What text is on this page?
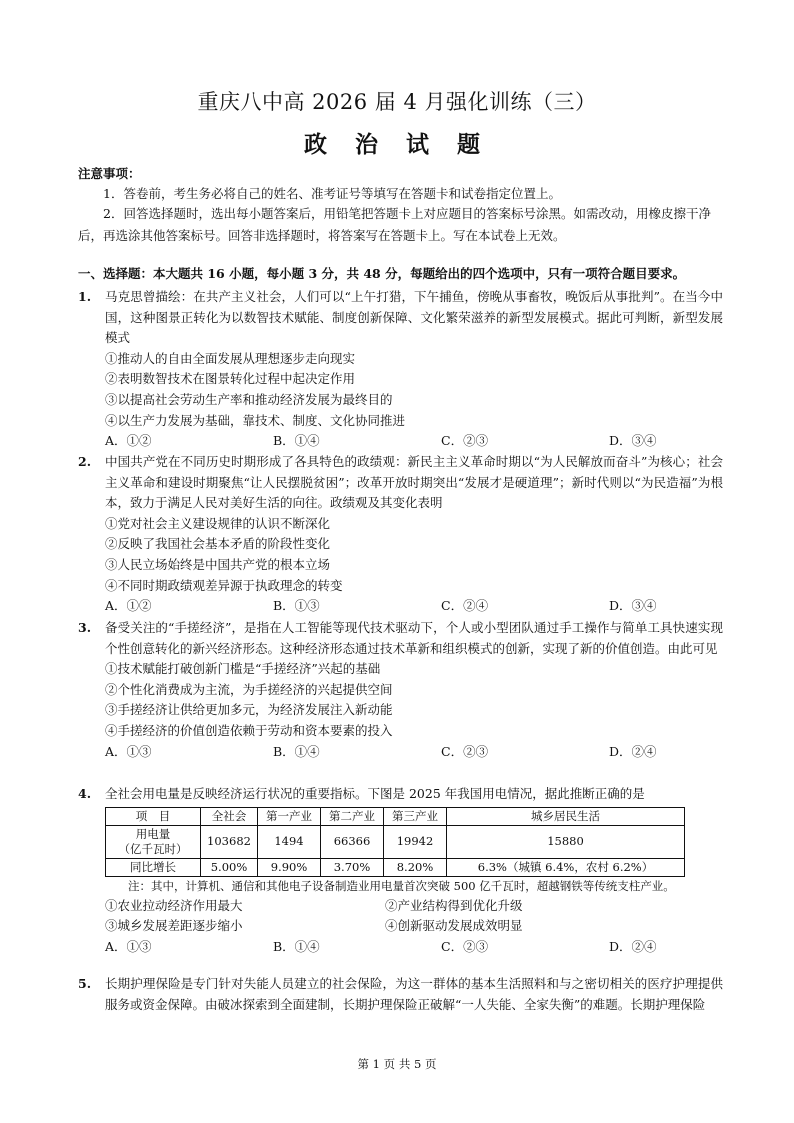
重庆八中高 2026 届 4 月强化训练（三）
政 治 试 题
注意事项：
1．答卷前，考生务必将自己的姓名、准考证号等填写在答题卡和试卷指定位置上。
2．回答选择题时，选出每小题答案后，用铅笔把答题卡上对应题目的答案标号涂黑。如需改动，用橡皮擦干净后，再选涂其他答案标号。回答非选择题时，将答案写在答题卡上。写在本试卷上无效。
一、选择题：本大题共 16 小题，每小题 3 分，共 48 分，每题给出的四个选项中，只有一项符合题目要求。
1. 马克思曾描绘：在共产主义社会，人们可以“上午打猎，下午捕鱼，傍晚从事畜牧，晚饭后从事批判”。在当今中国，这种图景正转化为以数智技术赋能、制度创新保障、文化繁荣滋养的新型发展模式。据此可判断，新型发展模式
①推动人的自由全面发展从理想逐步走向现实
②表明数智技术在图景转化过程中起决定作用
③以提高社会劳动生产率和推动经济发展为最终目的
④以生产力发展为基础，靠技术、制度、文化协同推进
A．①②	B．①④	C．②③	D．③④
2. 中国共产党在不同历史时期形成了各具特色的政绩观：新民主主义革命时期以“为人民解放而奋斗”为核心；社会主义革命和建设时期聚焦“让人民摆脱贫困”；改革开放时期突出“发展才是硬道理”；新时代则以“为民造福”为根本，致力于满足人民对美好生活的向往。政绩观及其变化表明
①党对社会主义建设规律的认识不断深化
②反映了我国社会基本矛盾的阶段性变化
③人民立场始终是中国共产党的根本立场
④不同时期政绩观差异源于执政理念的转变
A．①②	B．①③	C．②④	D．③④
3. 备受关注的“手搓经济”，是指在人工智能等现代技术驱动下，个人或小型团队通过手工操作与简单工具快速实现个性创意转化的新兴经济形态。这种经济形态通过技术革新和组织模式的创新，实现了新的价值创造。由此可见
①技术赋能打破创新门槛是“手搓经济”兴起的基础
②个性化消费成为主流，为手搓经济的兴起提供空间
③手搓经济让供给更加多元，为经济发展注入新动能
④手搓经济的价值创造依赖于劳动和资本要素的投入
A．①③	B．①④	C．②③	D．②④
4. 全社会用电量是反映经济运行状况的重要指标。下图是 2025 年我国用电情况，据此推断正确的是
项　目	全社会	第一产业	第二产业	第三产业	城乡居民生活

用电量
（亿千瓦时）	103682	1494	66366	19942	15880
同比增长	5.00%	9.90%	3.70%	8.20%	6.3%（城镇 6.4%，农村 6.2%）
注：其中，计算机、通信和其他电子设备制造业用电量首次突破 500 亿千瓦时，超越钢铁等传统支柱产业。
①农业拉动经济作用最大	②产业结构得到优化升级
③城乡发展差距逐步缩小	④创新驱动发展成效明显
A．①③	B．①④	C．②③	D．②④
5. 长期护理保险是专门针对失能人员建立的社会保险，为这一群体的基本生活照料和与之密切相关的医疗护理提供服务或资金保障。由破冰探索到全面建制，长期护理保险正破解“一人失能、全家失衡”的难题。长期护理保险
第 1 页 共 5 页
